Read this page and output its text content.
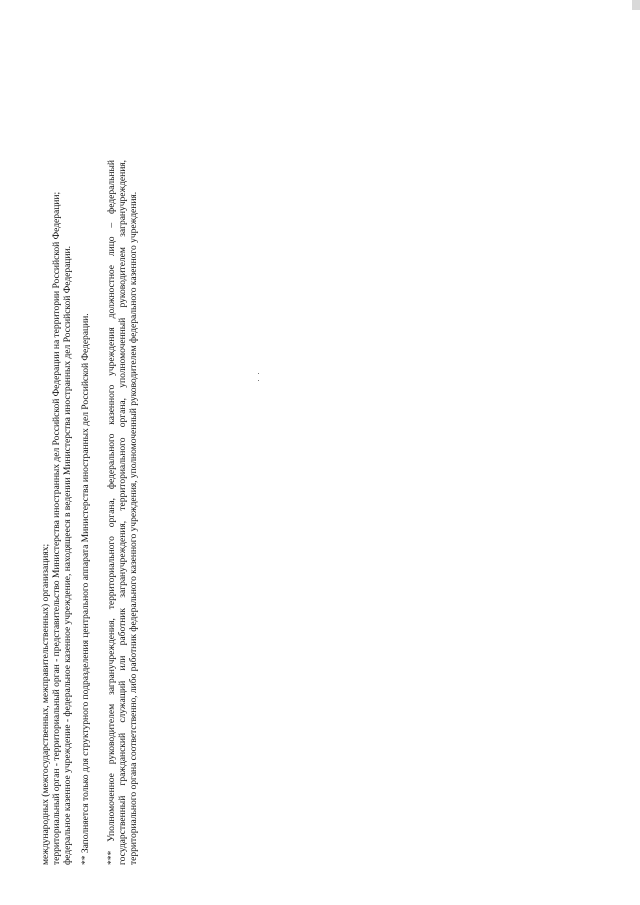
международных (межгосударственных, межправительственных) организациях; территориальный орган - территориальный орган - представительство Министерства иностранных дел Российской Федерации на территории Российской Федерации; федеральное казенное учреждение - федеральное казенное учреждение, находящееся в ведении Министерства иностранных дел Российской Федерации. ** Заполняется только для структурного подразделения центрального аппарата Министерства иностранных дел Российской Федерации. *** Уполномоченное руководителем загранучреждения, территориального органа, федерального казенного учреждения должностное лицо – федеральный государственный гражданский служащий или работник загранучреждения, территориального органа, уполномоченный руководителем загранучреждения, территориального органа соответственно, либо работник федерального казенного учреждения, уполномоченный руководителем федерального казенного учреждения.
